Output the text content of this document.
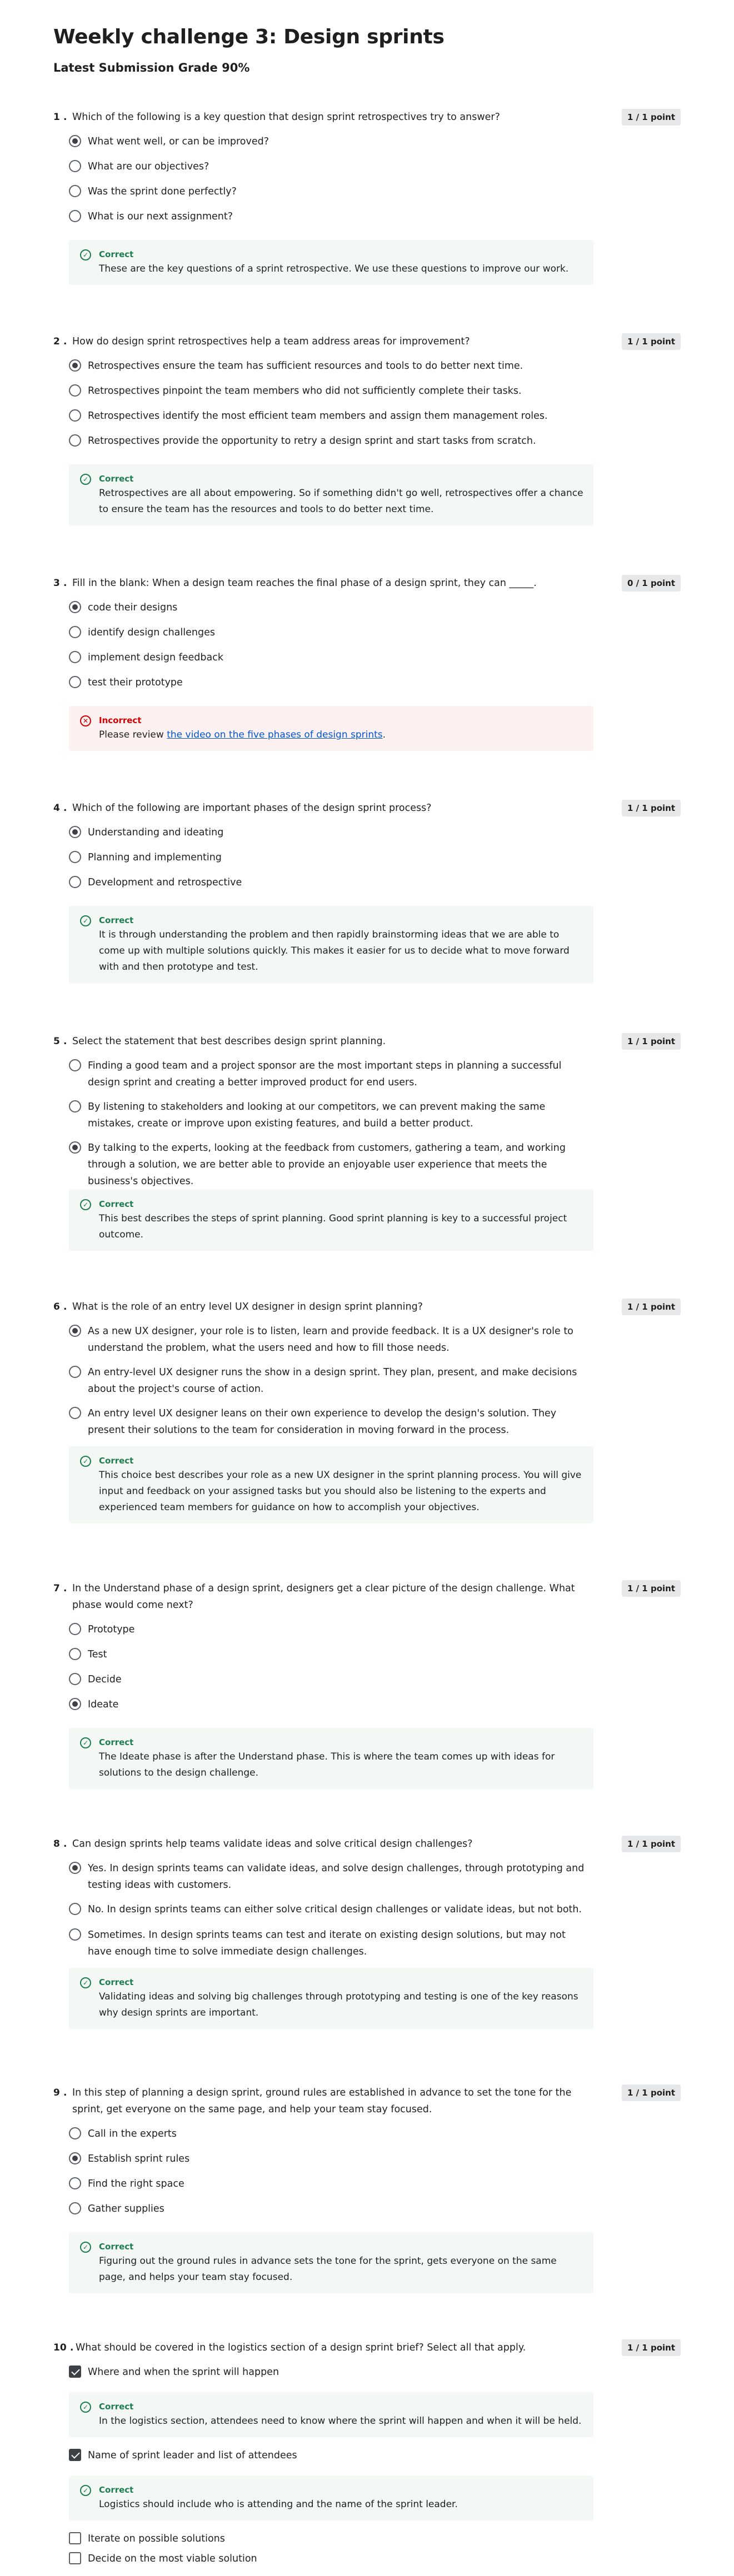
Weekly challenge 3: Design sprints
Latest Submission Grade 90%
1 . Which of the following is a key question that design sprint retrospectives try to answer?	1 / 1 point
What went well, or can be improved?
What are our objectives?
Was the sprint done perfectly?
What is our next assignment?
✓	Correct
These are the key questions of a sprint retrospective. We use these questions to improve our work.
2 . How do design sprint retrospectives help a team address areas for improvement?	1 / 1 point
Retrospectives ensure the team has sufficient resources and tools to do better next time.
Retrospectives pinpoint the team members who did not sufficiently complete their tasks.
Retrospectives identify the most efficient team members and assign them management roles.
Retrospectives provide the opportunity to retry a design sprint and start tasks from scratch.
✓	Correct
Retrospectives are all about empowering. So if something didn't go well, retrospectives offer a chance to ensure the team has the resources and tools to do better next time.
3 . Fill in the blank: When a design team reaches the final phase of a design sprint, they can _____.	0 / 1 point
code their designs
identify design challenges
implement design feedback
test their prototype
✕	Incorrect
Please review the video on the five phases of design sprints.
4 . Which of the following are important phases of the design sprint process?	1 / 1 point
Understanding and ideating
Planning and implementing
Development and retrospective
✓	Correct
It is through understanding the problem and then rapidly brainstorming ideas that we are able to come up with multiple solutions quickly. This makes it easier for us to decide what to move forward with and then prototype and test.
5 . Select the statement that best describes design sprint planning.	1 / 1 point
Finding a good team and a project sponsor are the most important steps in planning a successful design sprint and creating a better improved product for end users.
By listening to stakeholders and looking at our competitors, we can prevent making the same mistakes, create or improve upon existing features, and build a better product.
By talking to the experts, looking at the feedback from customers, gathering a team, and working through a solution, we are better able to provide an enjoyable user experience that meets the business's objectives.
✓	Correct
This best describes the steps of sprint planning. Good sprint planning is key to a successful project outcome.
6 . What is the role of an entry level UX designer in design sprint planning?	1 / 1 point
As a new UX designer, your role is to listen, learn and provide feedback. It is a UX designer's role to understand the problem, what the users need and how to fill those needs.
An entry-level UX designer runs the show in a design sprint. They plan, present, and make decisions about the project's course of action.
An entry level UX designer leans on their own experience to develop the design's solution. They present their solutions to the team for consideration in moving forward in the process.
✓	Correct
This choice best describes your role as a new UX designer in the sprint planning process. You will give input and feedback on your assigned tasks but you should also be listening to the experts and experienced team members for guidance on how to accomplish your objectives.
7 . In the Understand phase of a design sprint, designers get a clear picture of the design challenge. What phase would come next?
1 / 1 point
Prototype
Test
Decide
Ideate
✓	Correct
The Ideate phase is after the Understand phase. This is where the team comes up with ideas for solutions to the design challenge.
8 . Can design sprints help teams validate ideas and solve critical design challenges?	1 / 1 point
Yes. In design sprints teams can validate ideas, and solve design challenges, through prototyping and testing ideas with customers.
No. In design sprints teams can either solve critical design challenges or validate ideas, but not both.
Sometimes. In design sprints teams can test and iterate on existing design solutions, but may not have enough time to solve immediate design challenges.
✓	Correct
Validating ideas and solving big challenges through prototyping and testing is one of the key reasons why design sprints are important.
9 . In this step of planning a design sprint, ground rules are established in advance to set the tone for the sprint, get everyone on the same page, and help your team stay focused.
1 / 1 point
Call in the experts
Establish sprint rules
Find the right space
Gather supplies
✓	Correct
Figuring out the ground rules in advance sets the tone for the sprint, gets everyone on the same page, and helps your team stay focused.
10 . What should be covered in the logistics section of a design sprint brief? Select all that apply.	1 / 1 point
Where and when the sprint will happen
✓	Correct
In the logistics section, attendees need to know where the sprint will happen and when it will be held.
Name of sprint leader and list of attendees
✓	Correct
Logistics should include who is attending and the name of the sprint leader.
Iterate on possible solutions
Decide on the most viable solution
